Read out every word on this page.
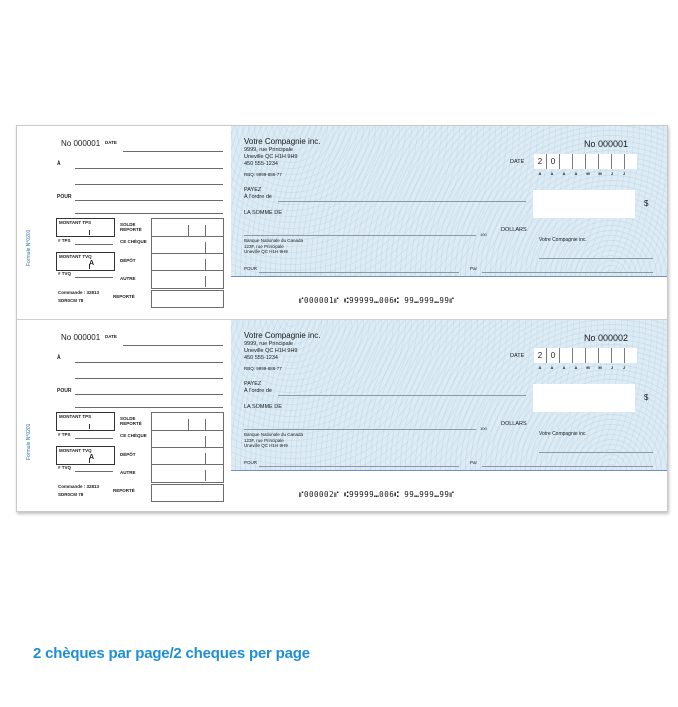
Formule N°0201
No 000001 DATE
À
POUR
MONTANT TPS
# TPS
MONTANT TVQ
A
# TVQ
Commande : 32813
SDR0CM 78
SOLDE REPORTÉ
CE CHÈQUE
DÉPÔT
AUTRE
REPORTÉ
Votre Compagnie inc.
9999, rue Principale
Uneville QC H1H 9H9
450 555-1234
RBQ: 9999-888-77
No 000001
DATE	2	0
A	A	A	A	M	M	J	J
PAYEZ
À l'ordre de
$
LA SOMME DE
100
DOLLARS
Banque Nationale du Canada
123F, rue Principale
Uneville QC H1H 9H9
Votre Compagnie inc.
POUR	Par
⑈000001⑈ ⑆99999⑉006⑆ 99⑉999⑉99⑈
Formule N°0201
No 000001 DATE
À
POUR
MONTANT TPS
# TPS
MONTANT TVQ
A
# TVQ
Commande : 32813
SDR0CM 78
SOLDE REPORTÉ
CE CHÈQUE
DÉPÔT
AUTRE
REPORTÉ
Votre Compagnie inc.
9999, rue Principale
Uneville QC H1H 9H9
450 555-1234
RBQ: 9999-888-77
No 000002
DATE	2	0
A	A	A	A	M	M	J	J
PAYEZ
À l'ordre de
$
LA SOMME DE
100
DOLLARS
Banque Nationale du Canada
123F, rue Principale
Uneville QC H1H 9H9
Votre Compagnie inc.
POUR	Par
⑈000002⑈ ⑆99999⑉006⑆ 99⑉999⑉99⑈
2 chèques par page/2 cheques per page
